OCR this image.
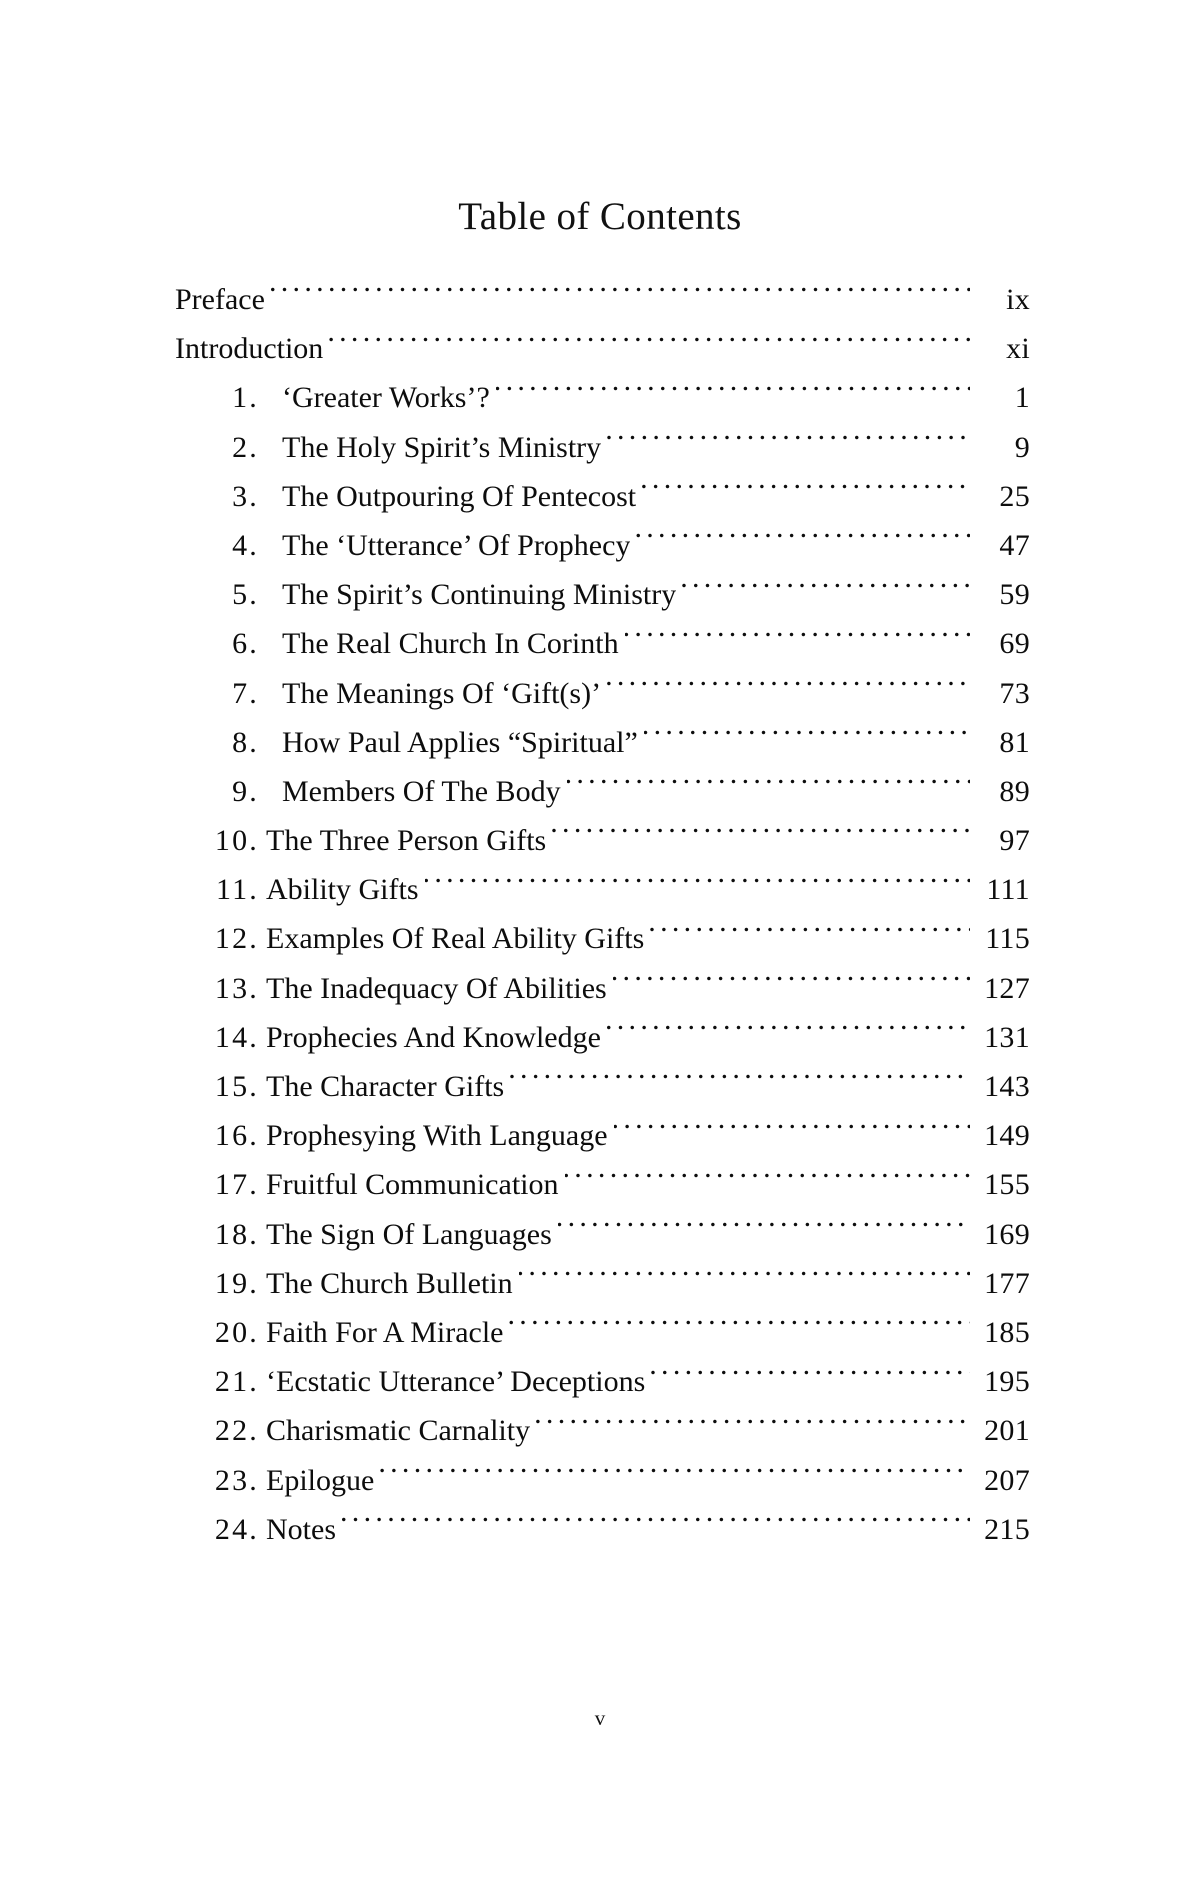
Table of Contents
Preface . . .	ix
Introduction . . .	xi
1. ‘Greater Works’? . . .	1
2. The Holy Spirit’s Ministry . . .	9
3. The Outpouring Of Pentecost . . .	25
4. The ‘Utterance’ Of Prophecy . . .	47
5. The Spirit’s Continuing Ministry . . .	59
6. The Real Church In Corinth . . .	69
7. The Meanings Of ‘Gift(s)’ . . .	73
8. How Paul Applies “Spiritual” . . .	81
9. Members Of The Body . . .	89
10. The Three Person Gifts . . .	97
11. Ability Gifts . . .	111
12. Examples Of Real Ability Gifts . . .	115
13. The Inadequacy Of Abilities . . .	127
14. Prophecies And Knowledge . . .	131
15. The Character Gifts . . .	143
16. Prophesying With Language . . .	149
17. Fruitful Communication . . .	155
18. The Sign Of Languages . . .	169
19. The Church Bulletin . . .	177
20. Faith For A Miracle . . .	185
21. ‘Ecstatic Utterance’ Deceptions . . .	195
22. Charismatic Carnality . . .	201
23. Epilogue . . .	207
24. Notes . . .	215
v
